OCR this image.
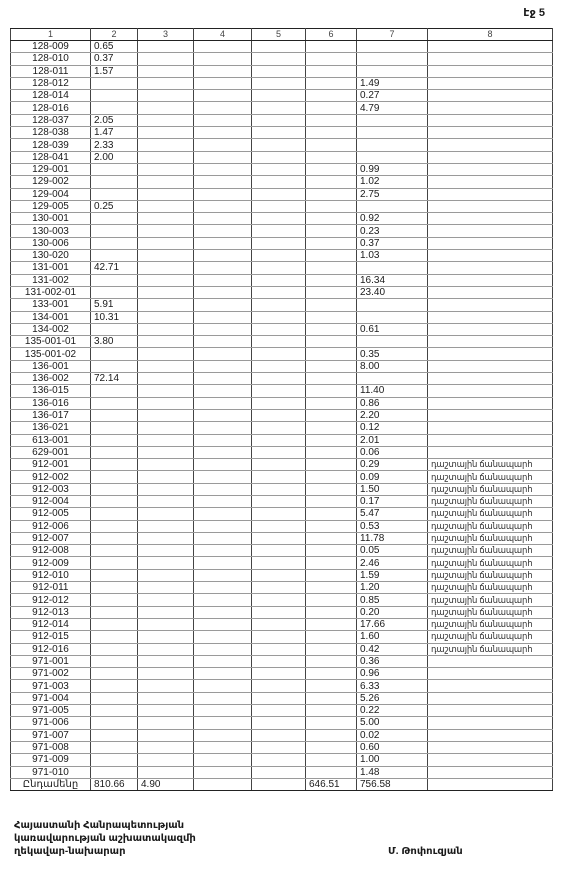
էջ 5
1	2	3	4	5	6	7	8
128-009	0.65						
128-010	0.37						
128-011	1.57						
128-012						1.49	
128-014						0.27	
128-016						4.79	
128-037	2.05						
128-038	1.47						
128-039	2.33						
128-041	2.00						
129-001						0.99	
129-002						1.02	
129-004						2.75	
129-005	0.25						
130-001						0.92	
130-003						0.23	
130-006						0.37	
130-020						1.03	
131-001	42.71						
131-002						16.34	
131-002-01						23.40	
133-001	5.91						
134-001	10.31						
134-002						0.61	
135-001-01	3.80						
135-001-02						0.35	
136-001						8.00	
136-002	72.14						
136-015						11.40	
136-016						0.86	
136-017						2.20	
136-021						0.12	
613-001						2.01	
629-001						0.06	
912-001						0.29	դաշտային ճանապարհ
912-002						0.09	դաշտային ճանապարհ
912-003						1.50	դաշտային ճանապարհ
912-004						0.17	դաշտային ճանապարհ
912-005						5.47	դաշտային ճանապարհ
912-006						0.53	դաշտային ճանապարհ
912-007						11.78	դաշտային ճանապարհ
912-008						0.05	դաշտային ճանապարհ
912-009						2.46	դաշտային ճանապարհ
912-010						1.59	դաշտային ճանապարհ
912-011						1.20	դաշտային ճանապարհ
912-012						0.85	դաշտային ճանապարհ
912-013						0.20	դաշտային ճանապարհ
912-014						17.66	դաշտային ճանապարհ
912-015						1.60	դաշտային ճանապարհ
912-016						0.42	դաշտային ճանապարհ
971-001						0.36	
971-002						0.96	
971-003						6.33	
971-004						5.26	
971-005						0.22	
971-006						5.00	
971-007						0.02	
971-008						0.60	
971-009						1.00	
971-010						1.48	
Ընդամենը	810.66	4.90			646.51	756.58	
Հայաստանի Հանրապետության
կառավարության աշխատակազմի
ղեկավար-նախարար	Մ. Թոփուզյան
